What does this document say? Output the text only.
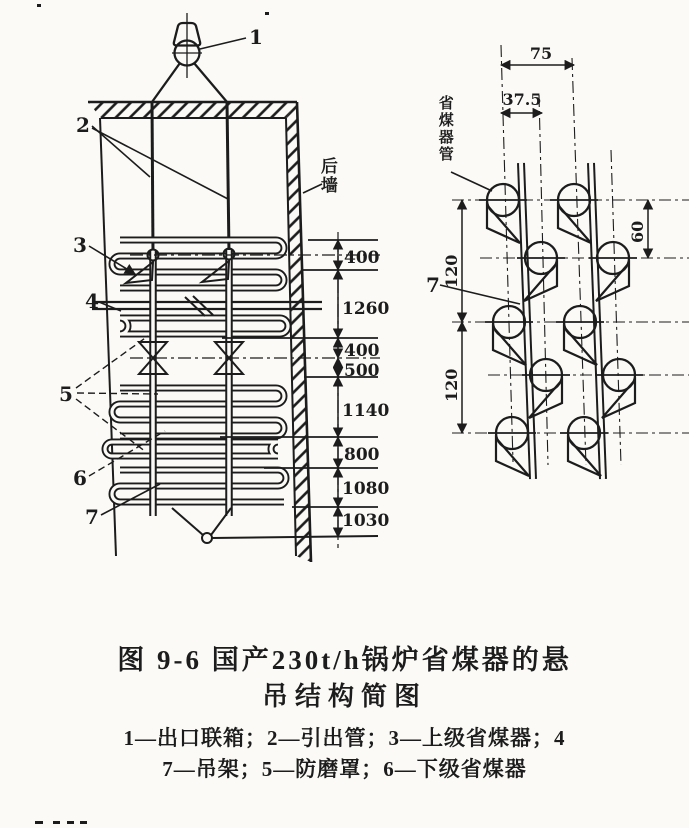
400
1260
400
500
1140
800
1080
1030
1
2
3
4
5
6
7
75
37.5
120
120
60
7
后墙
省煤器管
图 9-6 国产230t/h锅炉省煤器的悬
吊结构简图
1—出口联箱；2—引出管；3—上级省煤器；4
7—吊架；5—防磨罩；6—下级省煤器
